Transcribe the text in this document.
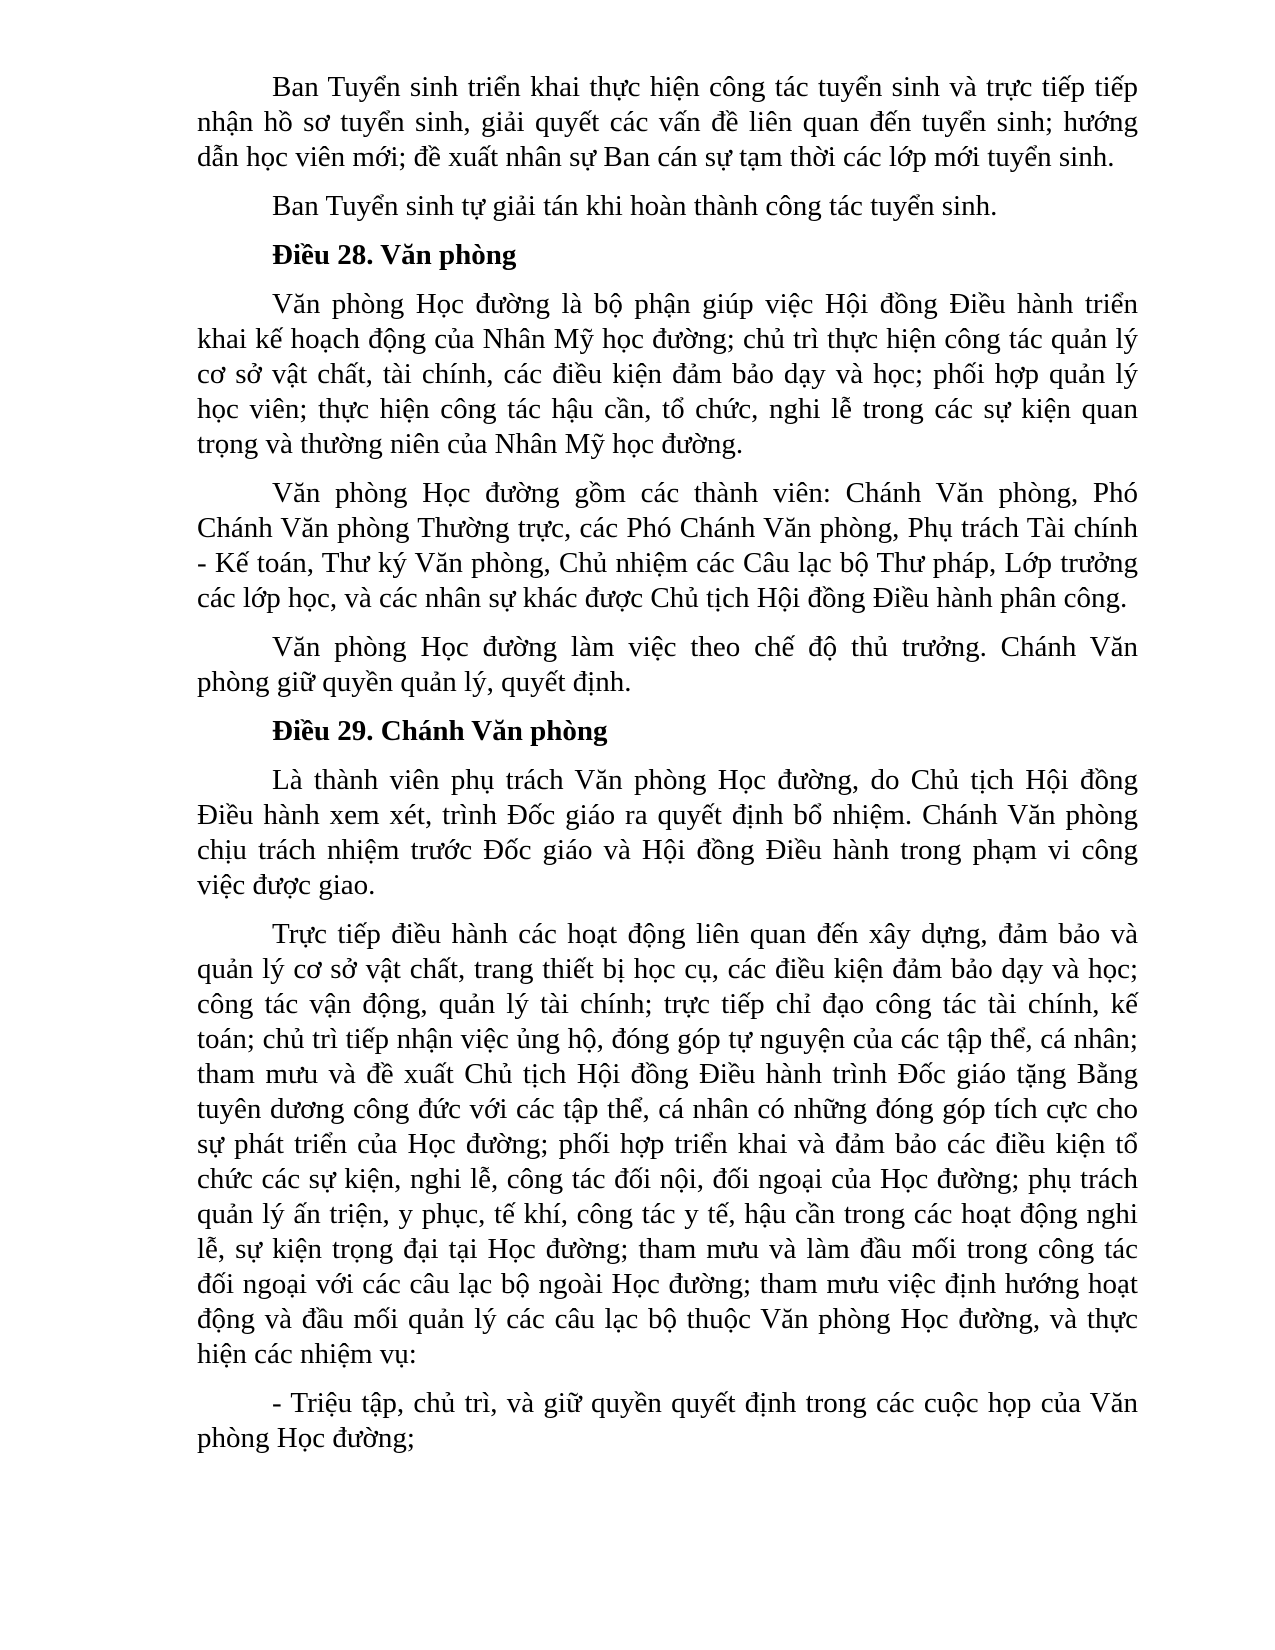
Ban Tuyển sinh triển khai thực hiện công tác tuyển sinh và trực tiếp tiếp nhận hồ sơ tuyển sinh, giải quyết các vấn đề liên quan đến tuyển sinh; hướng dẫn học viên mới; đề xuất nhân sự Ban cán sự tạm thời các lớp mới tuyển sinh.

Ban Tuyển sinh tự giải tán khi hoàn thành công tác tuyển sinh.

Điều 28. Văn phòng

Văn phòng Học đường là bộ phận giúp việc Hội đồng Điều hành triển khai kế hoạch động của Nhân Mỹ học đường; chủ trì thực hiện công tác quản lý cơ sở vật chất, tài chính, các điều kiện đảm bảo dạy và học; phối hợp quản lý học viên; thực hiện công tác hậu cần, tổ chức, nghi lễ trong các sự kiện quan trọng và thường niên của Nhân Mỹ học đường.

Văn phòng Học đường gồm các thành viên: Chánh Văn phòng, Phó Chánh Văn phòng Thường trực, các Phó Chánh Văn phòng, Phụ trách Tài chính - Kế toán, Thư ký Văn phòng, Chủ nhiệm các Câu lạc bộ Thư pháp, Lớp trưởng các lớp học, và các nhân sự khác được Chủ tịch Hội đồng Điều hành phân công.

Văn phòng Học đường làm việc theo chế độ thủ trưởng. Chánh Văn phòng giữ quyền quản lý, quyết định.

Điều 29. Chánh Văn phòng

Là thành viên phụ trách Văn phòng Học đường, do Chủ tịch Hội đồng Điều hành xem xét, trình Đốc giáo ra quyết định bổ nhiệm. Chánh Văn phòng chịu trách nhiệm trước Đốc giáo và Hội đồng Điều hành trong phạm vi công việc được giao.

Trực tiếp điều hành các hoạt động liên quan đến xây dựng, đảm bảo và quản lý cơ sở vật chất, trang thiết bị học cụ, các điều kiện đảm bảo dạy và học; công tác vận động, quản lý tài chính; trực tiếp chỉ đạo công tác tài chính, kế toán; chủ trì tiếp nhận việc ủng hộ, đóng góp tự nguyện của các tập thể, cá nhân; tham mưu và đề xuất Chủ tịch Hội đồng Điều hành trình Đốc giáo tặng Bằng tuyên dương công đức với các tập thể, cá nhân có những đóng góp tích cực cho sự phát triển của Học đường; phối hợp triển khai và đảm bảo các điều kiện tổ chức các sự kiện, nghi lễ, công tác đối nội, đối ngoại của Học đường; phụ trách quản lý ấn triện, y phục, tế khí, công tác y tế, hậu cần trong các hoạt động nghi lễ, sự kiện trọng đại tại Học đường; tham mưu và làm đầu mối trong công tác đối ngoại với các câu lạc bộ ngoài Học đường; tham mưu việc định hướng hoạt động và đầu mối quản lý các câu lạc bộ thuộc Văn phòng Học đường, và thực hiện các nhiệm vụ:

- Triệu tập, chủ trì, và giữ quyền quyết định trong các cuộc họp của Văn phòng Học đường;
